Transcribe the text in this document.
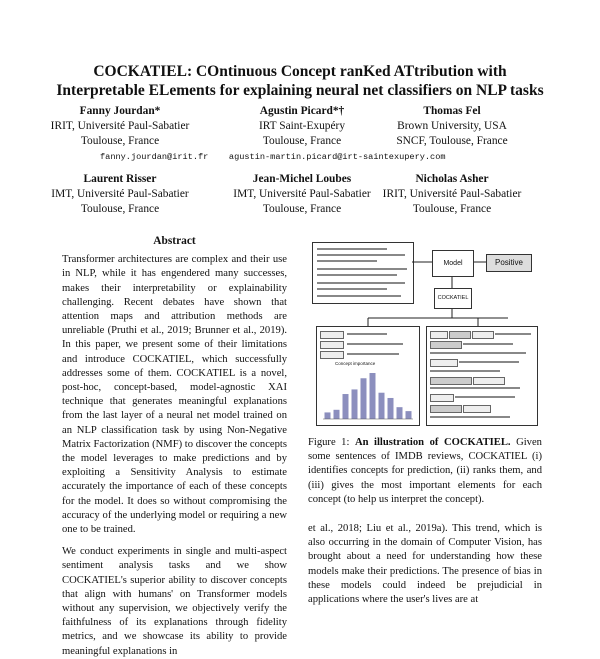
COCKATIEL: COntinuous Concept ranKed ATtribution with
Interpretable ELements for explaining neural net classifiers on NLP tasks
Fanny Jourdan*
IRIT, Université Paul-Sabatier
Toulouse, France
Agustin Picard*†
IRT Saint-Exupéry
Toulouse, France
Thomas Fel
Brown University, USA
SNCF, Toulouse, France
fanny.jourdan@irit.fr    agustin-martin.picard@irt-saintexupery.com
Laurent Risser
IMT, Université Paul-Sabatier
Toulouse, France
Jean-Michel Loubes
IMT, Université Paul-Sabatier
Toulouse, France
Nicholas Asher
IRIT, Université Paul-Sabatier
Toulouse, France
Abstract

Transformer architectures are complex and their use in NLP, while it has engendered many successes, makes their interpretability or explainability challenging. Recent debates have shown that attention maps and attribution methods are unreliable (Pruthi et al., 2019; Brunner et al., 2019). In this paper, we present some of their limitations and introduce COCKATIEL, which successfully addresses some of them. COCKATIEL is a novel, post-hoc, concept-based, model-agnostic XAI technique that generates meaningful explanations from the last layer of a neural net model trained on an NLP classification task by using Non-Negative Matrix Factorization (NMF) to discover the concepts the model leverages to make predictions and by exploiting a Sensitivity Analysis to estimate accurately the importance of each of these concepts for the model. It does so without compromising the accuracy of the underlying model or requiring a new one to be trained.

We conduct experiments in single and multi-aspect sentiment analysis tasks and we show COCKATIEL's superior ability to discover concepts that align with humans' on Transformer models without any supervision, we objectively verify the faithfulness of its explanations through fidelity metrics, and we showcase its ability to provide meaningful explanations in

Model	Positive
COCKATIEL
Concept importance
Figure 1: An illustration of COCKATIEL. Given some sentences of IMDB reviews, COCKATIEL (i) identifies concepts for prediction, (ii) ranks them, and (iii) gives the most important elements for each concept (to help us interpret the concept).

et al., 2018; Liu et al., 2019a). This trend, which is also occurring in the domain of Computer Vision, has brought about a need for understanding how these models make their predictions. The presence of bias in these models could indeed be prejudicial in applications where the user's lives are at
